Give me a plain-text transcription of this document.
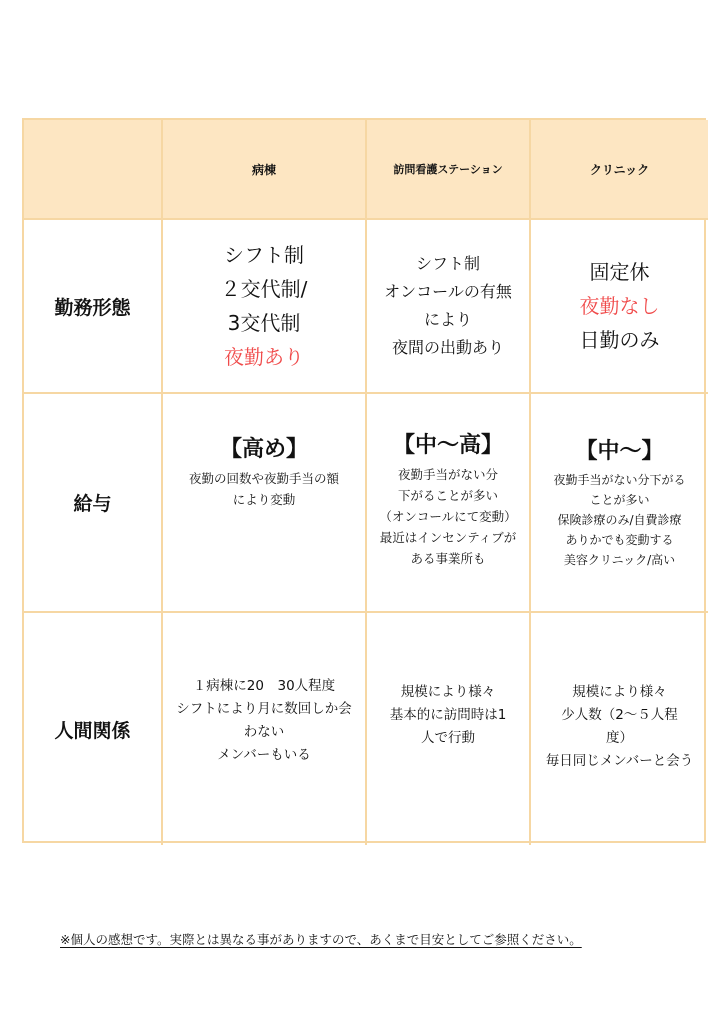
病棟	訪問看護ステーション	クリニック
勤務形態
シフト制
２交代制/
3交代制
夜勤あり
シフト制
オンコールの有無
により
夜間の出動あり
固定休
夜勤なし
日勤のみ
給与
【高め】
夜勤の回数や夜勤手当の額
により変動
【中〜高】
夜勤手当がない分
下がることが多い
（オンコールにて変動）
最近はインセンティブが
ある事業所も
【中〜】
夜勤手当がない分下がる
ことが多い
保険診療のみ/自費診療
ありかでも変動する
美容クリニック/高い
人間関係
１病棟に20　30人程度
シフトにより月に数回しか会
わない
メンバーもいる
規模により様々
基本的に訪問時は1
人で行動
規模により様々
少人数（2〜５人程
度）
毎日同じメンバーと会う
※個人の感想です。実際とは異なる事がありますので、あくまで目安としてご参照ください。
